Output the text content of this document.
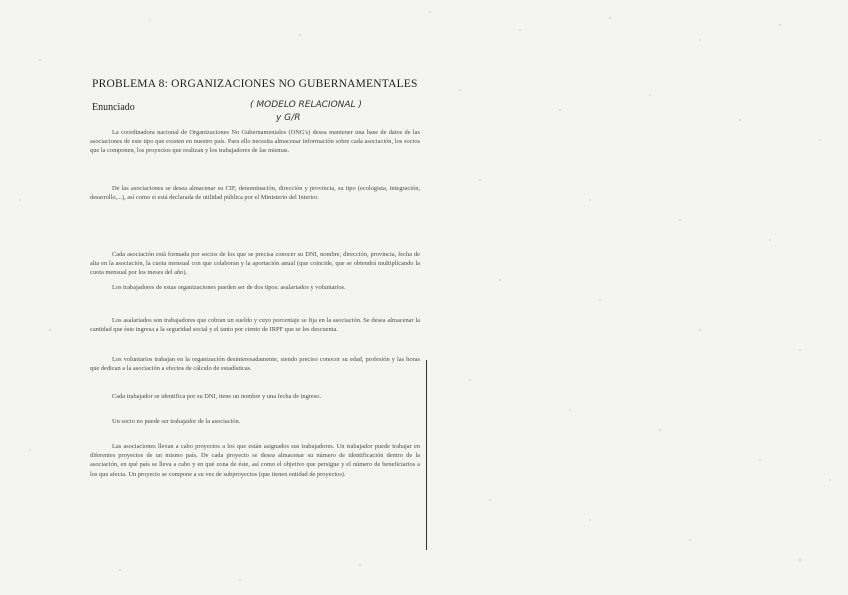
PROBLEMA 8: ORGANIZACIONES NO GUBERNAMENTALES
Enunciado	( MODELO RELACIONAL )
y G/R
La coordinadora nacional de Organizaciones No Gubernamentales (ONG's) desea mantener una base de datos de las asociaciones de este tipo que existen en nuestro país. Para ello necesita almacenar información sobre cada asociación, los socios que la componen, los proyectos que realizan y los trabajadores de las mismas.
De las asociaciones se desea almacenar su CIF, denominación, dirección y provincia, su tipo (ecologista, integración, desarrollo,...), así como si está declarada de utilidad pública por el Ministerio del Interior.
Cada asociación está formada por socios de los que se precisa conocer su DNI, nombre, dirección, provincia, fecha de alta en la asociación, la cuota mensual con que colaboran y la aportación anual (que coincide, que se obtendrá multiplicando la cuota mensual por los meses del año).
Los trabajadores de estas organizaciones pueden ser de dos tipos: asalariados y voluntarios.
Los asalariados son trabajadores que cobran un sueldo y cuyo porcentaje se fija en la asociación. Se desea almacenar la cantidad que éste ingresa a la seguridad social y el tanto por ciento de IRPF que se les descuenta.
Los voluntarios trabajan en la organización desinteresadamente, siendo preciso conocer su edad, profesión y las horas que dedican a la asociación a efectos de cálculo de estadísticas.
Cada trabajador se identifica por su DNI, tiene un nombre y una fecha de ingreso.
Un socio no puede ser trabajador de la asociación.
Las asociaciones llevan a cabo proyectos a los que están asignados sus trabajadores. Un trabajador puede trabajar en diferentes proyectos de un mismo país. De cada proyecto se desea almacenar su número de identificación dentro de la asociación, en qué país se lleva a cabo y en qué zona de éste, así como el objetivo que persigue y el número de beneficiarios a los que afecta. Un proyecto se compone a su vez de subproyectos (que tienen entidad de proyectos).
